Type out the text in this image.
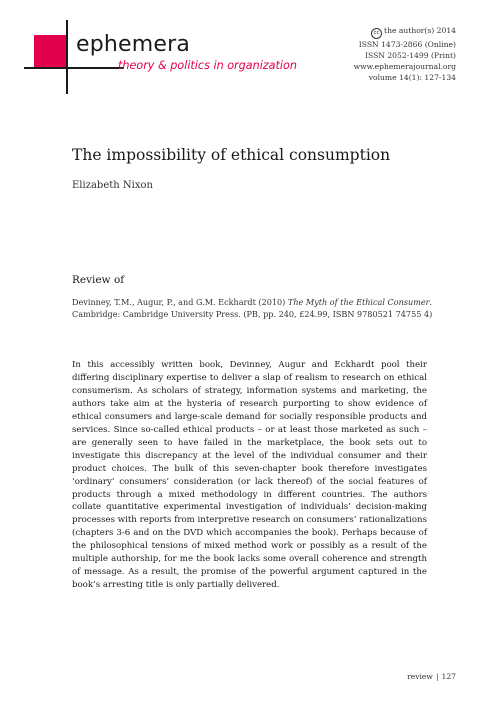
ephemera
theory & politics in organization
cc the author(s) 2014
ISSN 1473-2866 (Online)
ISSN 2052-1499 (Print)
www.ephemerajournal.org
volume 14(1): 127-134
The impossibility of ethical consumption
Elizabeth Nixon
Review of
Devinney, T.M., Augur, P., and G.M. Eckhardt (2010) The Myth of the Ethical Consumer. Cambridge: Cambridge University Press. (PB, pp. 240, £24.99, ISBN 9780521 74755 4)

In this accessibly written book, Devinney, Augur and Eckhardt pool their differing disciplinary expertise to deliver a slap of realism to research on ethical consumerism. As scholars of strategy, information systems and marketing, the authors take aim at the hysteria of research purporting to show evidence of ethical consumers and large-scale demand for socially responsible products and services. Since so-called ethical products – or at least those marketed as such – are generally seen to have failed in the marketplace, the book sets out to investigate this discrepancy at the level of the individual consumer and their product choices. The bulk of this seven-chapter book therefore investigates ‘ordinary’ consumers’ consideration (or lack thereof) of the social features of products through a mixed methodology in different countries. The authors collate quantitative experimental investigation of individuals’ decision-making processes with reports from interpretive research on consumers’ rationalizations (chapters 3-6 and on the DVD which accompanies the book). Perhaps because of the philosophical tensions of mixed method work or possibly as a result of the multiple authorship, for me the book lacks some overall coherence and strength of message. As a result, the promise of the powerful argument captured in the book’s arresting title is only partially delivered.

review | 127
